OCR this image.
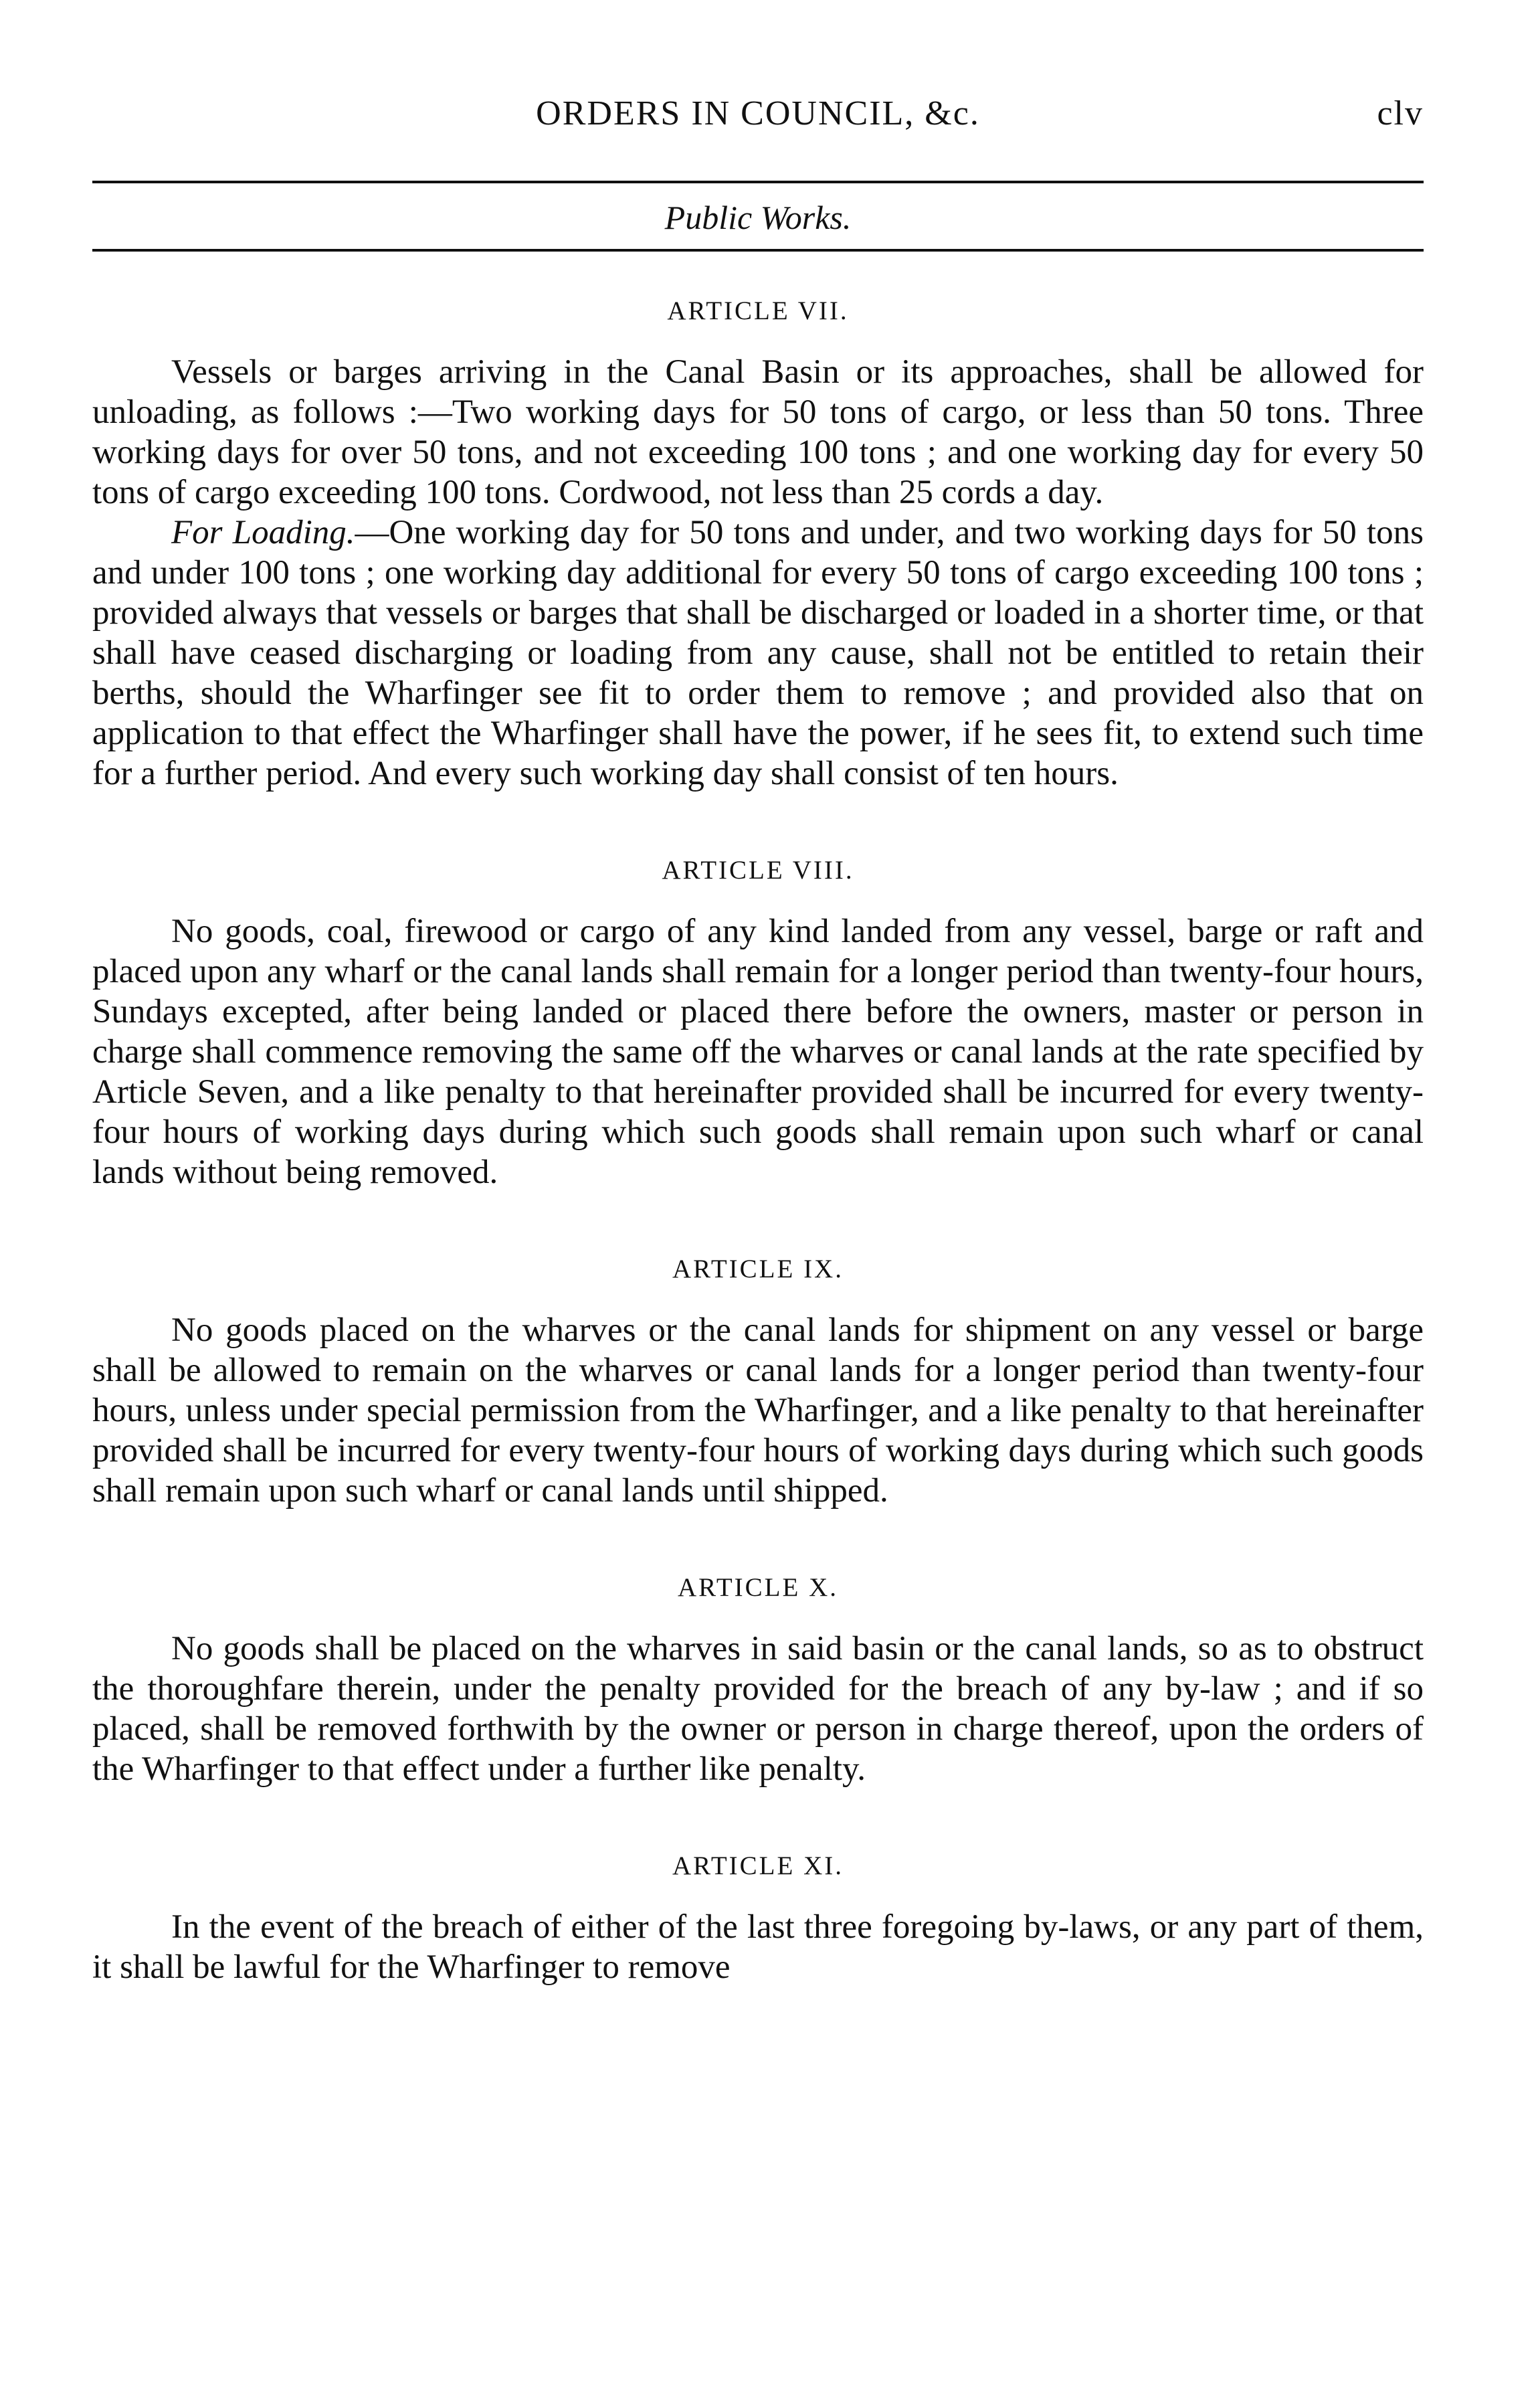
ORDERS IN COUNCIL, &c.	clv
Public Works.
ARTICLE VII.

Vessels or barges arriving in the Canal Basin or its approaches, shall be allowed for unloading, as follows :—Two working days for 50 tons of cargo, or less than 50 tons. Three working days for over 50 tons, and not exceeding 100 tons ; and one working day for every 50 tons of cargo exceeding 100 tons. Cordwood, not less than 25 cords a day.

For Loading.—One working day for 50 tons and under, and two working days for 50 tons and under 100 tons ; one working day additional for every 50 tons of cargo exceeding 100 tons ; provided always that vessels or barges that shall be discharged or loaded in a shorter time, or that shall have ceased discharging or loading from any cause, shall not be entitled to retain their berths, should the Wharfinger see fit to order them to remove ; and provided also that on application to that effect the Wharfinger shall have the power, if he sees fit, to extend such time for a further period. And every such working day shall consist of ten hours.

ARTICLE VIII.

No goods, coal, firewood or cargo of any kind landed from any vessel, barge or raft and placed upon any wharf or the canal lands shall remain for a longer period than twenty-four hours, Sundays excepted, after being landed or placed there before the owners, master or person in charge shall commence removing the same off the wharves or canal lands at the rate specified by Article Seven, and a like penalty to that hereinafter provided shall be incurred for every twenty-four hours of working days during which such goods shall remain upon such wharf or canal lands without being removed.

ARTICLE IX.

No goods placed on the wharves or the canal lands for shipment on any vessel or barge shall be allowed to remain on the wharves or canal lands for a longer period than twenty-four hours, unless under special permission from the Wharfinger, and a like penalty to that hereinafter provided shall be incurred for every twenty-four hours of working days during which such goods shall remain upon such wharf or canal lands until shipped.

ARTICLE X.

No goods shall be placed on the wharves in said basin or the canal lands, so as to obstruct the thoroughfare therein, under the penalty provided for the breach of any by-law ; and if so placed, shall be removed forthwith by the owner or person in charge thereof, upon the orders of the Wharfinger to that effect under a further like penalty.

ARTICLE XI.

In the event of the breach of either of the last three foregoing by-laws, or any part of them, it shall be lawful for the Wharfinger to remove
